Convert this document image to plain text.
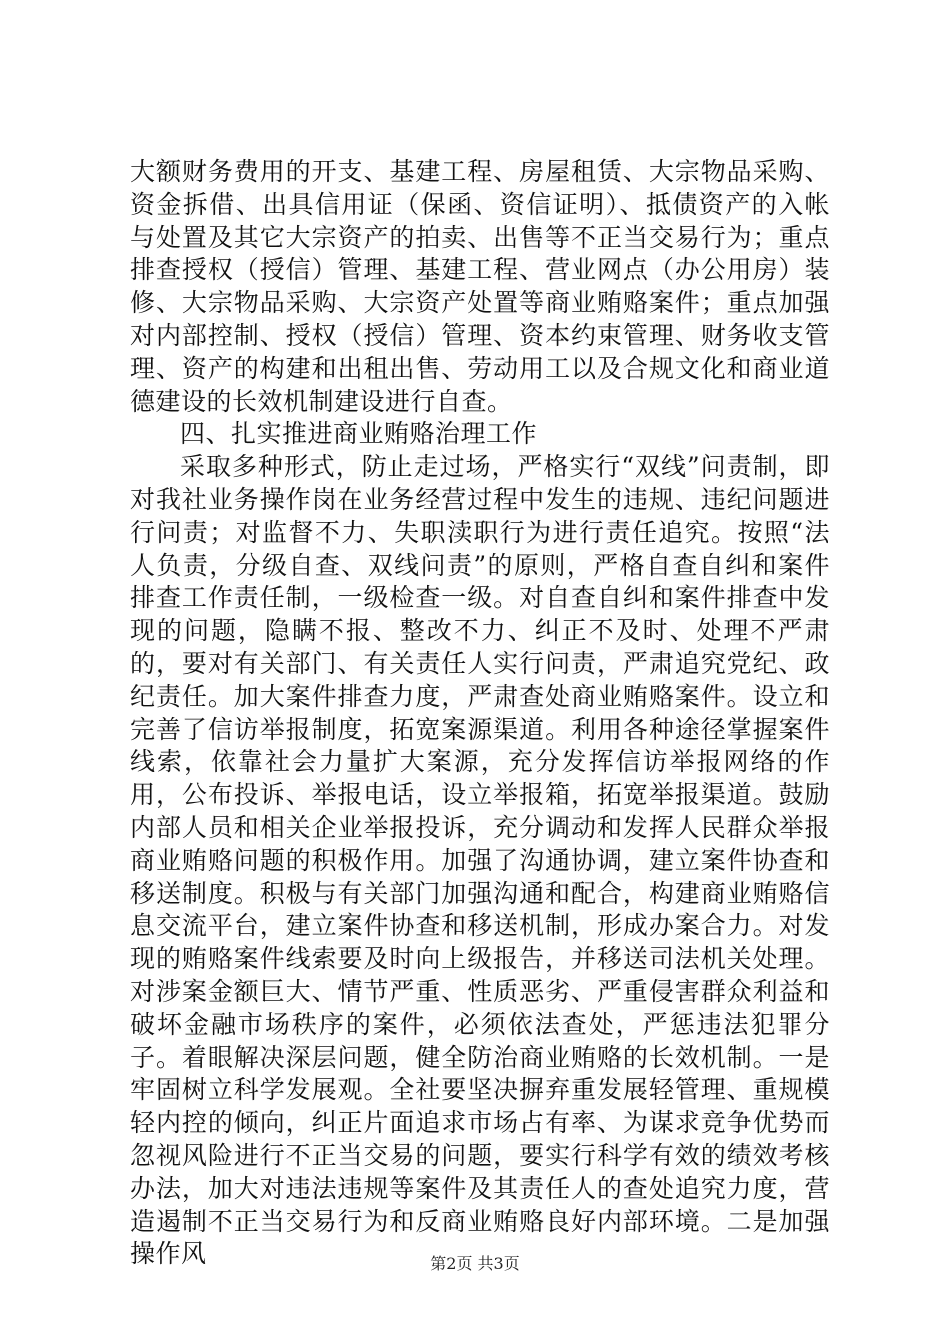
大额财务费用的开支、基建工程、房屋租赁、大宗物品采购、资金拆借、出具信用证（保函、资信证明）、抵债资产的入帐与处置及其它大宗资产的拍卖、出售等不正当交易行为；重点排查授权（授信）管理、基建工程、营业网点（办公用房）装修、大宗物品采购、大宗资产处置等商业贿赂案件；重点加强对内部控制、授权（授信）管理、资本约束管理、财务收支管理、资产的构建和出租出售、劳动用工以及合规文化和商业道德建设的长效机制建设进行自查。

四、扎实推进商业贿赂治理工作

采取多种形式，防止走过场，严格实行“双线”问责制，即对我社业务操作岗在业务经营过程中发生的违规、违纪问题进行问责；对监督不力、失职渎职行为进行责任追究。按照“法人负责，分级自查、双线问责”的原则，严格自查自纠和案件排查工作责任制，一级检查一级。对自查自纠和案件排查中发现的问题，隐瞒不报、整改不力、纠正不及时、处理不严肃的，要对有关部门、有关责任人实行问责，严肃追究党纪、政纪责任。加大案件排查力度，严肃查处商业贿赂案件。设立和完善了信访举报制度，拓宽案源渠道。利用各种途径掌握案件线索，依靠社会力量扩大案源，充分发挥信访举报网络的作用，公布投诉、举报电话，设立举报箱，拓宽举报渠道。鼓励内部人员和相关企业举报投诉，充分调动和发挥人民群众举报商业贿赂问题的积极作用。加强了沟通协调，建立案件协查和移送制度。积极与有关部门加强沟通和配合，构建商业贿赂信息交流平台，建立案件协查和移送机制，形成办案合力。对发现的贿赂案件线索要及时向上级报告，并移送司法机关处理。对涉案金额巨大、情节严重、性质恶劣、严重侵害群众利益和破坏金融市场秩序的案件，必须依法查处，严惩违法犯罪分子。着眼解决深层问题，健全防治商业贿赂的长效机制。一是牢固树立科学发展观。全社要坚决摒弃重发展轻管理、重规模轻内控的倾向，纠正片面追求市场占有率、为谋求竞争优势而忽视风险进行不正当交易的问题，要实行科学有效的绩效考核办法，加大对违法违规等案件及其责任人的查处追究力度，营造遏制不正当交易行为和反商业贿赂良好内部环境。二是加强操作风	第2页 共3页
